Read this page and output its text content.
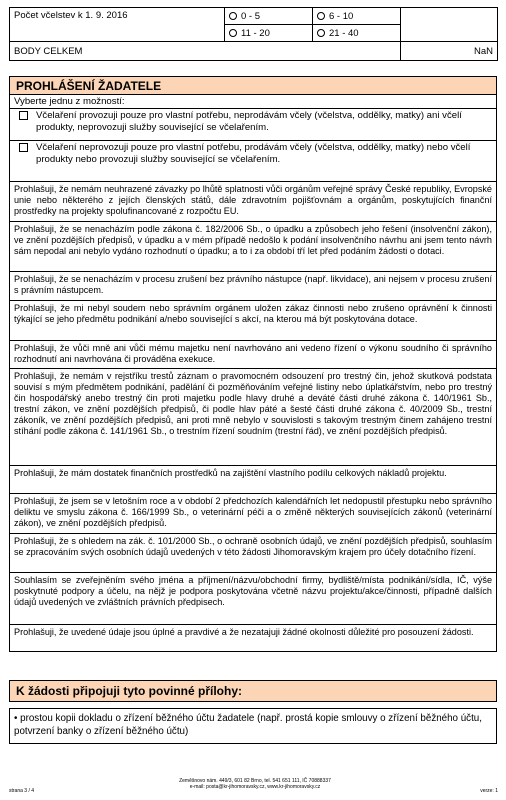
Počet včelstev k 1. 9. 2016	0 - 5	6 - 10	
	11 - 20	21 - 40	
BODY CELKEM			NaN
PROHLÁŠENÍ ŽADATELE
Vyberte jednu z možností:
Včelaření provozuji pouze pro vlastní potřebu, neprodávám včely (včelstva, oddělky, matky) ani včelí produkty, neprovozuji služby související se včelařením.
Včelaření neprovozuji pouze pro vlastní potřebu, prodávám včely (včelstva, oddělky, matky) nebo včelí produkty nebo provozuji služby související se včelařením.
Prohlašuji, že nemám neuhrazené závazky po lhůtě splatnosti vůči orgánům veřejné správy České republiky, Evropské unie nebo některého z jejích členských států, dále zdravotním pojišťovnám a orgánům, poskytujících finanční prostředky na projekty spolufinancované z rozpočtu EU.
Prohlašuji, že se nenacházím podle zákona č. 182/2006 Sb., o úpadku a způsobech jeho řešení (insolvenční zákon), ve znění pozdějších předpisů, v úpadku a v mém případě nedošlo k podání insolvenčního návrhu ani jsem tento návrh sám nepodal ani nebylo vydáno rozhodnutí o úpadku; a to i za období tří let před podáním žádosti o dotaci.
Prohlašuji, že se nenacházím v procesu zrušení bez právního nástupce (např. likvidace), ani nejsem v procesu zrušení s právním nástupcem.
Prohlašuji, že mi nebyl soudem nebo správním orgánem uložen zákaz činnosti nebo zrušeno oprávnění k činnosti týkající se jeho předmětu podnikání a/nebo související s akcí, na kterou má být poskytována dotace.
Prohlašuji, že vůči mně ani vůči mému majetku není navrhováno ani vedeno řízení o výkonu soudního či správního rozhodnutí ani navrhována či prováděna exekuce.
Prohlašuji, že nemám v rejstříku trestů záznam o pravomocném odsouzení pro trestný čin, jehož skutková podstata souvisí s mým předmětem podnikání, padělání či pozměňováním veřejné listiny nebo úplatkářstvím, nebo pro trestný čin hospodářský anebo trestný čin proti majetku podle hlavy druhé a deváté části druhé zákona č. 140/1961 Sb., trestní zákon, ve znění pozdějších předpisů, či podle hlav páté a šesté části druhé zákona č. 40/2009 Sb., trestní zákoník, ve znění pozdějších předpisů, ani proti mně nebylo v souvislosti s takovým trestným činem zahájeno trestní stíhání podle zákona č. 141/1961 Sb., o trestním řízení soudním (trestní řád), ve znění pozdějších předpisů.
Prohlašuji, že mám dostatek finančních prostředků na zajištění vlastního podílu celkových nákladů projektu.
Prohlašuji, že jsem se v letošním roce a v období 2 předchozích kalendářních let nedopustil přestupku nebo správního deliktu ve smyslu zákona č. 166/1999 Sb., o veterinární péči a o změně některých souvisejících zákonů (veterinární zákon), ve znění pozdějších předpisů.
Prohlašuji, že s ohledem na zák. č. 101/2000 Sb., o ochraně osobních údajů, ve znění pozdějších předpisů, souhlasím se zpracováním svých osobních údajů uvedených v této žádosti Jihomoravským krajem pro účely dotačního řízení.
Souhlasím se zveřejněním svého jména a příjmení/názvu/obchodní firmy, bydliště/místa podnikání/sídla, IČ, výše poskytnuté podpory a účelu, na nějž je podpora poskytována včetně názvu projektu/akce/činnosti, případně dalších údajů uvedených ve zvláštních právních předpisech.
Prohlašuji, že uvedené údaje jsou úplné a pravdivé a že nezatajuji žádné okolnosti důležité pro posouzení žádosti.
K žádosti připojuji tyto povinné přílohy:
• prostou kopii dokladu o zřízení běžného účtu žadatele (např. prostá kopie smlouvy o zřízení běžného účtu, potvrzení banky o zřízení běžného účtu)
strana 3 / 4
Zeměšnovo nám. 449/3, 601 82 Brno, tel. 541 651 111, IČ 70888337
e-mail: posta@kr-jihomoravsky.cz, www.kr-jihomoravsky.cz
verze: 1
